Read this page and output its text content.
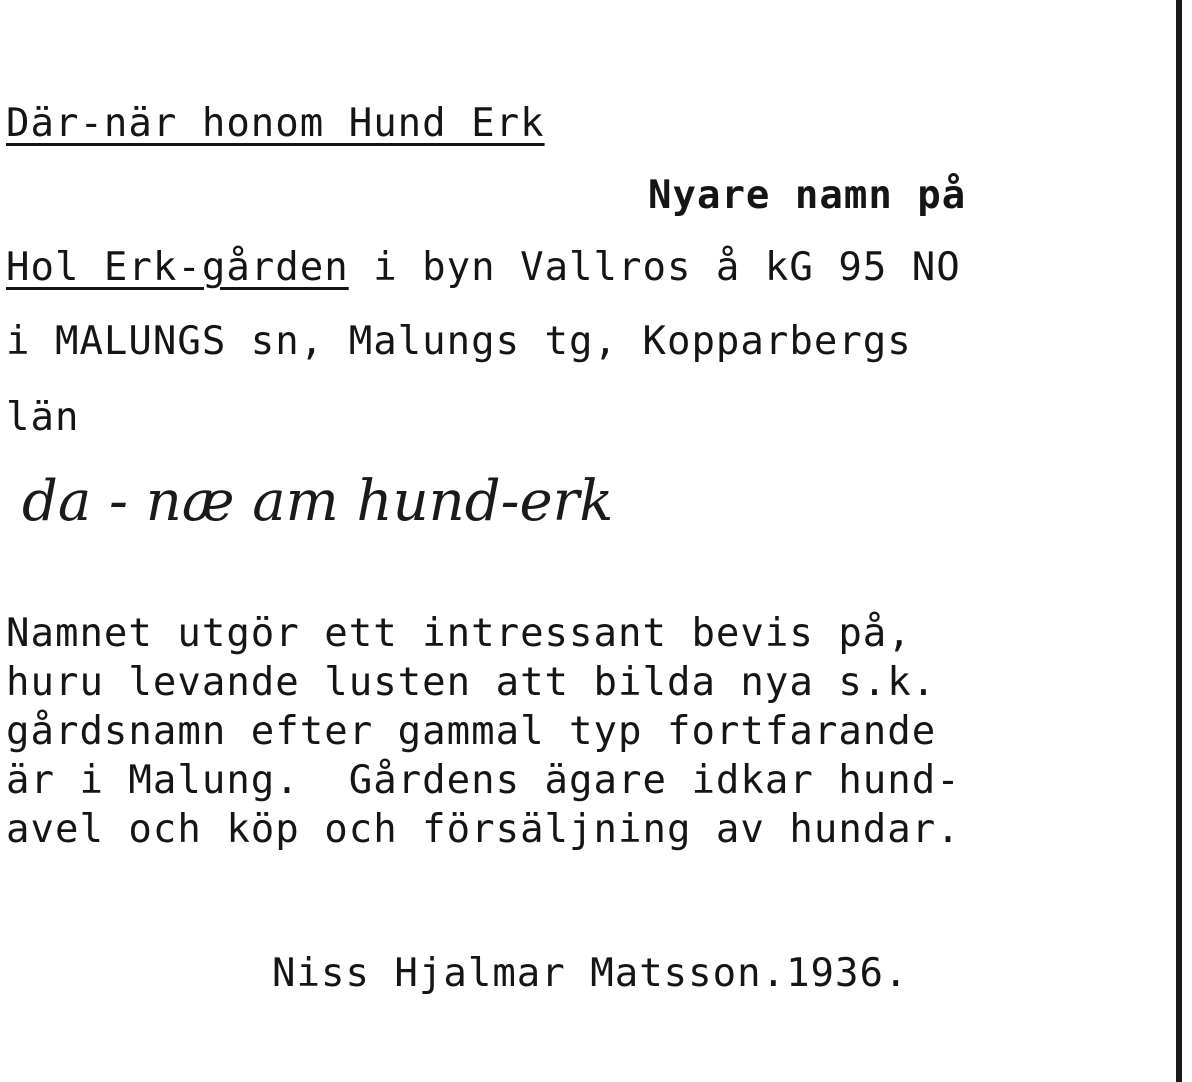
Där-när honom Hund Erk
Nyare namn på
Hol Erk-gården i byn Vallros å kG 95 NO
i MALUNGS sn, Malungs tg, Kopparbergs
län
da - næ am hund-erk
Namnet utgör ett intressant bevis på,
huru levande lusten att bilda nya s.k.
gårdsnamn efter gammal typ fortfarande
är i Malung.  Gårdens ägare idkar hund-
avel och köp och försäljning av hundar.
Niss Hjalmar Matsson.1936.
